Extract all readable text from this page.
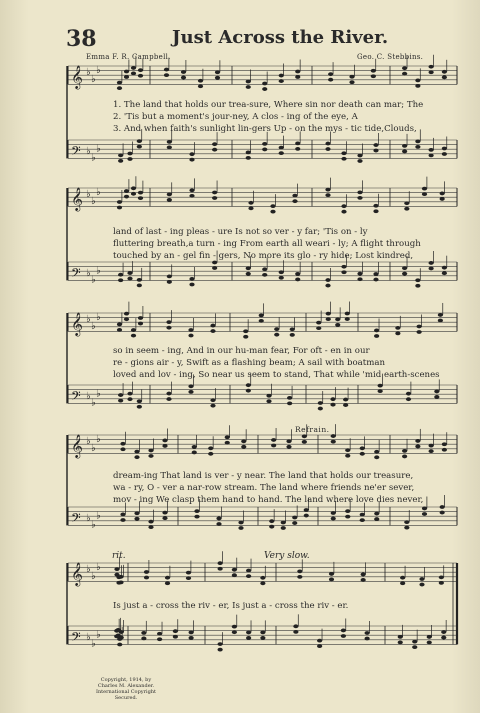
38	Just Across the River.
Emma F. R. Campbell.	Geo. C. Stebbins.
𝄞 ♭
♭
♭
𝄢 ♭
♭
♭
𝄞 ♭
♭
♭
𝄢 ♭
♭
♭
𝄞 ♭
♭
♭
𝄢 ♭
♭
♭
𝄞 ♭
♭
♭
𝄢 ♭
♭
♭
𝄞 ♭
♭
♭
𝄢 ♭
♭
♭
1. The land that holds our trea-sure, Where sin nor death can mar; The
2. 'Tis but a moment's jour-ney, A clos - ing of the eye, A
3. And when faith's sunlight lin-gers Up - on the mys - tic tide,Clouds,
land of last - ing pleas - ure Is not so ver - y far; 'Tis on - ly
fluttering breath,a turn - ing From earth all weari - ly; A flight through
touched by an - gel fin - gers, No more its glo - ry hide; Lost kindred,
so in seem - ing, And in our hu-man fear, For oft - en in our
re - gions air - y, Swift as a flashing beam; A sail with boatman
loved and lov - ing, So near us seem to stand, That while 'mid earth-scenes
dream-ing That land is ver - y near. The land that holds our treasure,
wa - ry, O - ver a nar-row stream. The land where friends ne'er sever,
mov - ing We clasp them hand to hand. The land where love dies never,
Is just a - cross the riv - er, Is just a - cross the riv - er.
Refrain.
rit.	Very slow.
Copyright, 1914, by
Charles M. Alexander.
International Copyright Secured.
